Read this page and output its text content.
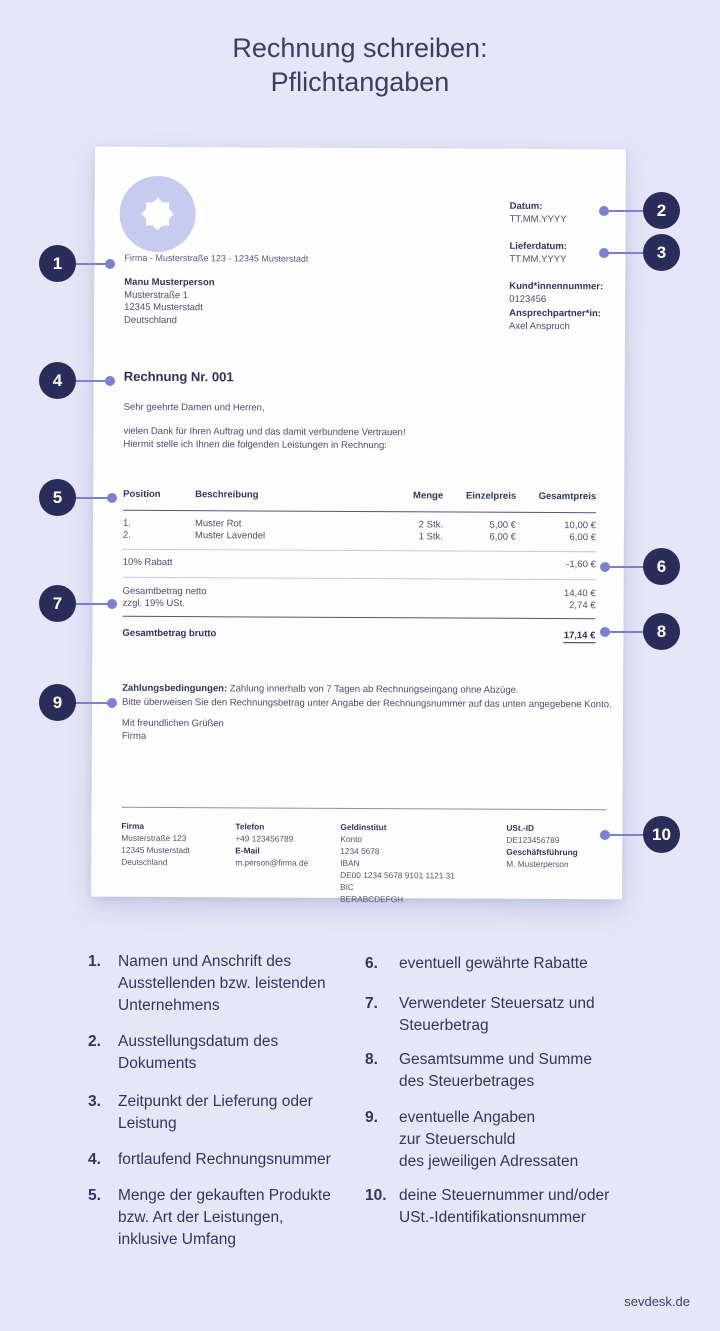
Rechnung schreiben:
Pflichtangaben
Datum:
TT.MM.YYYY
Lieferdatum:
TT.MM.YYYY
Kund*innennummer:
0123456
Ansprechpartner*in:
Axel Anspruch
Firma - Musterstraße 123 - 12345 Musterstadt
Manu Musterperson
Musterstraße 1
12345 Musterstadt
Deutschland
Rechnung Nr. 001
Sehr geehrte Damen und Herren,
vielen Dank für Ihren Auftrag und das damit verbundene Vertrauen!
Hiermit stelle ich Ihnen die folgenden Leistungen in Rechnung:
Position	Beschreibung	Menge	Einzelpreis	Gesamtpreis
1.	Muster Rot	2 Stk.	5,00 €	10,00 €
2.	Muster Lavendel	1 Stk.	6,00 €	6,00 €
10% Rabatt	-1,60 €
Gesamtbetrag netto	14,40 €
zzgl. 19% USt.	2,74 €
Gesamtbetrag brutto	17,14 €
Zahlungsbedingungen: Zahlung innerhalb von 7 Tagen ab Rechnungseingang ohne Abzüge.
Bitte überweisen Sie den Rechnungsbetrag unter Angabe der Rechnungsnummer auf das unten angegebene Konto.
Mit freundlichen Grüßen
Firma
Firma
Musterstraße 123
12345 Musterstadt
Deutschland
Telefon
+49 123456789
E-Mail
m.person@firma.de
Geldinstitut
Konto
1234 5678
IBAN
DE00 1234 5678 9101 1121 31
BIC
BERABCDEFGH
USt.-ID
DE123456789
Geschäftsführung
M. Musterperson
1
2
3
4
5
6
7
8
9
10
1.	Namen und Anschrift des
Ausstellenden bzw. leistenden
Unternehmens
2.	Ausstellungsdatum des
Dokuments
3.	Zeitpunkt der Lieferung oder
Leistung
4.	fortlaufend Rechnungsnummer
5.	Menge der gekauften Produkte
bzw. Art der Leistungen,
inklusive Umfang
6.	eventuell gewährte Rabatte
7.	Verwendeter Steuersatz und
Steuerbetrag
8.	Gesamtsumme und Summe
des Steuerbetrages
9.	eventuelle Angaben
zur Steuerschuld
des jeweiligen Adressaten
10. deine Steuernummer und/oder
USt.-Identifikationsnummer
sevdesk.de
